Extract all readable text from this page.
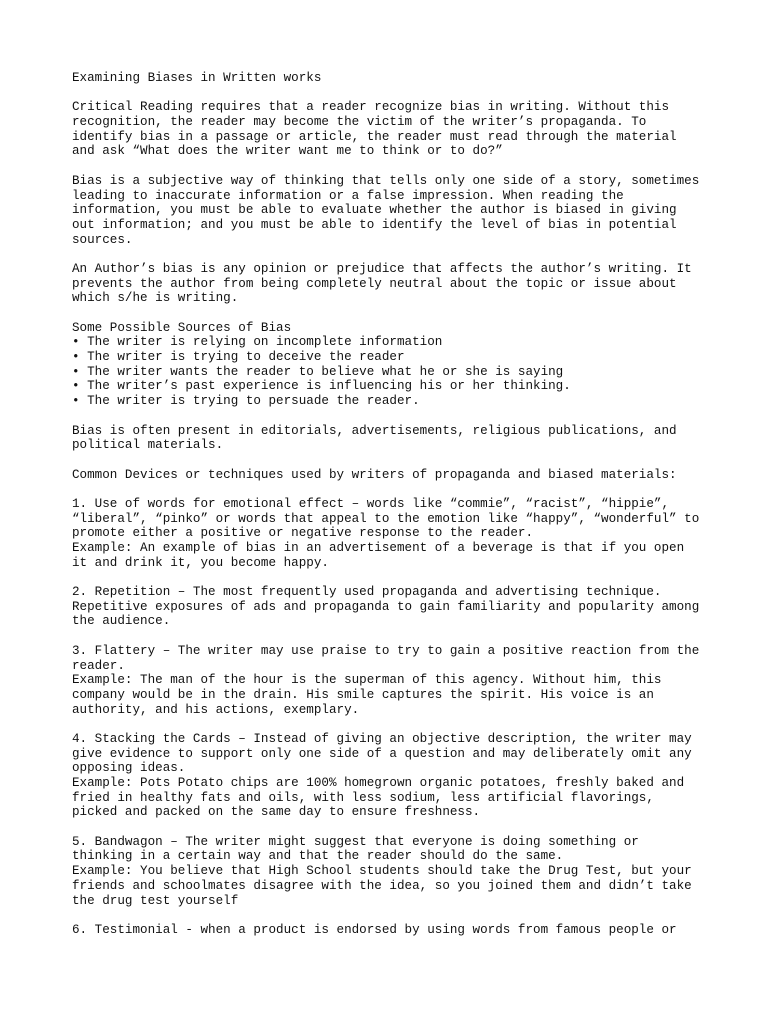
Examining Biases in Written works
Critical Reading requires that a reader recognize bias in writing. Without this
recognition, the reader may become the victim of the writer’s propaganda. To
identify bias in a passage or article, the reader must read through the material
and ask “What does the writer want me to think or to do?”
Bias is a subjective way of thinking that tells only one side of a story, sometimes
leading to inaccurate information or a false impression. When reading the
information, you must be able to evaluate whether the author is biased in giving
out information; and you must be able to identify the level of bias in potential
sources.
An Author’s bias is any opinion or prejudice that affects the author’s writing. It
prevents the author from being completely neutral about the topic or issue about
which s/he is writing.
Some Possible Sources of Bias
• The writer is relying on incomplete information
• The writer is trying to deceive the reader
• The writer wants the reader to believe what he or she is saying
• The writer’s past experience is influencing his or her thinking.
• The writer is trying to persuade the reader.
Bias is often present in editorials, advertisements, religious publications, and
political materials.
Common Devices or techniques used by writers of propaganda and biased materials:
1. Use of words for emotional effect – words like “commie”, “racist”, “hippie”,
“liberal”, “pinko” or words that appeal to the emotion like “happy”, “wonderful” to
promote either a positive or negative response to the reader.
Example: An example of bias in an advertisement of a beverage is that if you open
it and drink it, you become happy.
2. Repetition – The most frequently used propaganda and advertising technique.
Repetitive exposures of ads and propaganda to gain familiarity and popularity among
the audience.
3. Flattery – The writer may use praise to try to gain a positive reaction from the
reader.
Example: The man of the hour is the superman of this agency. Without him, this
company would be in the drain. His smile captures the spirit. His voice is an
authority, and his actions, exemplary.
4. Stacking the Cards – Instead of giving an objective description, the writer may
give evidence to support only one side of a question and may deliberately omit any
opposing ideas.
Example: Pots Potato chips are 100% homegrown organic potatoes, freshly baked and
fried in healthy fats and oils, with less sodium, less artificial flavorings,
picked and packed on the same day to ensure freshness.
5. Bandwagon – The writer might suggest that everyone is doing something or
thinking in a certain way and that the reader should do the same.
Example: You believe that High School students should take the Drug Test, but your
friends and schoolmates disagree with the idea, so you joined them and didn’t take
the drug test yourself
6. Testimonial - when a product is endorsed by using words from famous people or
